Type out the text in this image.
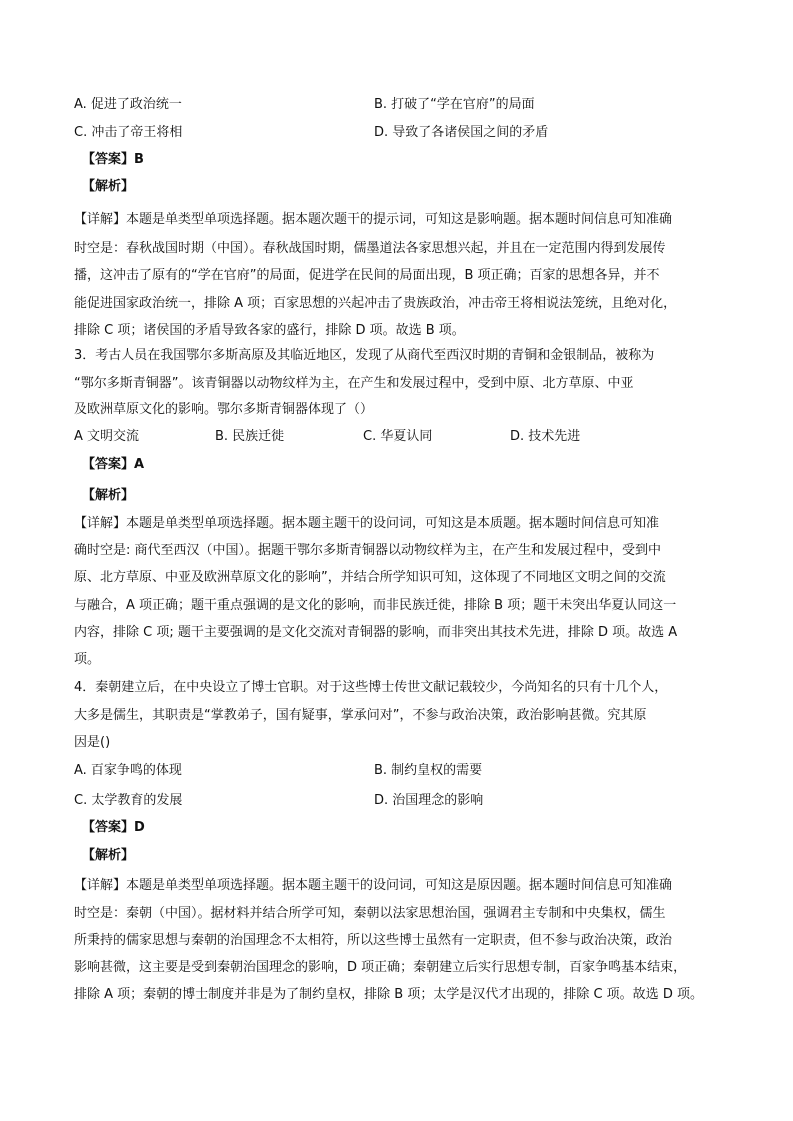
A. 促进了政治统一	B. 打破了“学在官府”的局面
C. 冲击了帝王将相	D. 导致了各诸侯国之间的矛盾
【答案】B
【解析】
【详解】本题是单类型单项选择题。据本题次题干的提示词，可知这是影响题。据本题时间信息可知准确
时空是：春秋战国时期（中国）。春秋战国时期，儒墨道法各家思想兴起，并且在一定范围内得到发展传
播，这冲击了原有的“学在官府”的局面，促进学在民间的局面出现，B 项正确；百家的思想各异，并不
能促进国家政治统一，排除 A 项；百家思想的兴起冲击了贵族政治，冲击帝王将相说法笼统，且绝对化，
排除 C 项；诸侯国的矛盾导致各家的盛行，排除 D 项。故选 B 项。
3．考古人员在我国鄂尔多斯高原及其临近地区，发现了从商代至西汉时期的青铜和金银制品，被称为
“鄂尔多斯青铜器”。该青铜器以动物纹样为主，在产生和发展过程中，受到中原、北方草原、中亚
及欧洲草原文化的影响。鄂尔多斯青铜器体现了（）
A 文明交流	B. 民族迁徙	C. 华夏认同	D. 技术先进
【答案】A
【解析】
【详解】本题是单类型单项选择题。据本题主题干的设问词，可知这是本质题。据本题时间信息可知准
确时空是: 商代至西汉（中国）。据题干鄂尔多斯青铜器以动物纹样为主，在产生和发展过程中，受到中
原、北方草原、中亚及欧洲草原文化的影响”，并结合所学知识可知，这体现了不同地区文明之间的交流
与融合，A 项正确；题干重点强调的是文化的影响，而非民族迁徙，排除 B 项；题干未突出华夏认同这一
内容，排除 C 项; 题干主要强调的是文化交流对青铜器的影响，而非突出其技术先进，排除 D 项。故选 A
项。
4．秦朝建立后，在中央设立了博士官职。对于这些博士传世文献记载较少，今尚知名的只有十几个人，
大多是儒生，其职责是“掌教弟子，国有疑事，掌承问对”，不参与政治决策，政治影响甚微。究其原
因是()
A. 百家争鸣的体现	B. 制约皇权的需要
C. 太学教育的发展	D. 治国理念的影响
【答案】D
【解析】
【详解】本题是单类型单项选择题。据本题主题干的设问词，可知这是原因题。据本题时间信息可知准确
时空是：秦朝（中国）。据材料并结合所学可知，秦朝以法家思想治国，强调君主专制和中央集权，儒生
所秉持的儒家思想与秦朝的治国理念不太相符，所以这些博士虽然有一定职责，但不参与政治决策，政治
影响甚微，这主要是受到秦朝治国理念的影响，D 项正确；秦朝建立后实行思想专制，百家争鸣基本结束，
排除 A 项；秦朝的博士制度并非是为了制约皇权，排除 B 项；太学是汉代才出现的，排除 C 项。故选 D 项。
